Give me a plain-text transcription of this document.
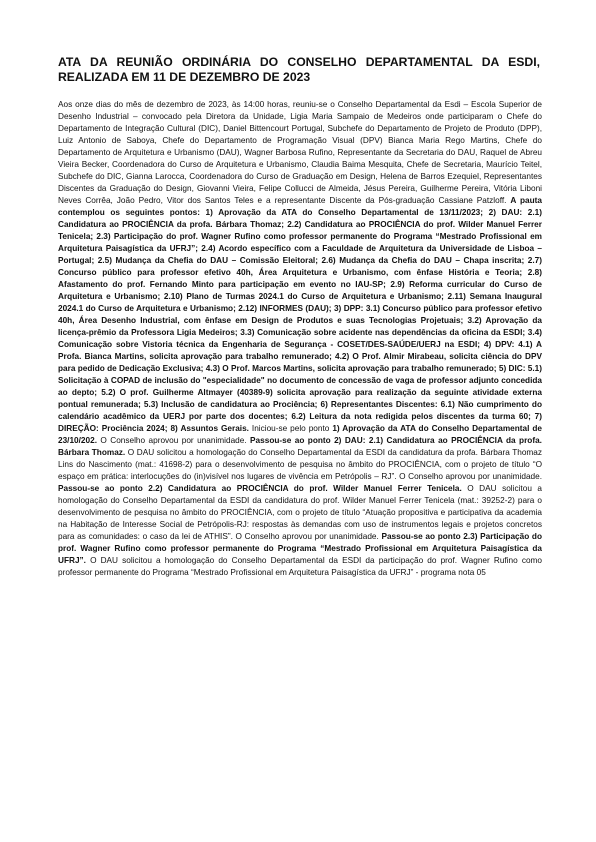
ATA DA REUNIÃO ORDINÁRIA DO CONSELHO DEPARTAMENTAL DA ESDI, REALIZADA EM 11 DE DEZEMBRO DE 2023

Aos onze dias do mês de dezembro de 2023, às 14:00 horas, reuniu-se o Conselho Departamental da Esdi – Escola Superior de Desenho Industrial – convocado pela Diretora da Unidade, Ligia Maria Sampaio de Medeiros onde participaram o Chefe do Departamento de Integração Cultural (DIC), Daniel Bittencourt Portugal, Subchefe do Departamento de Projeto de Produto (DPP), Luiz Antonio de Saboya, Chefe do Departamento de Programação Visual (DPV) Bianca Maria Rego Martins, Chefe do Departamento de Arquitetura e Urbanismo (DAU), Wagner Barbosa Rufino, Representante da Secretaria do DAU, Raquel de Abreu Vieira Becker, Coordenadora do Curso de Arquitetura e Urbanismo, Claudia Baima Mesquita, Chefe de Secretaria, Maurício Teitel, Subchefe do DIC, Gianna Larocca, Coordenadora do Curso de Graduação em Design, Helena de Barros Ezequiel, Representantes Discentes da Graduação do Design, Giovanni Vieira, Felipe Collucci de Almeida, Jésus Pereira, Guilherme Pereira, Vitória Liboni Neves Corrêa, João Pedro, Vitor dos Santos Teles e a representante Discente da Pós-graduação Cassiane Patzloff. A pauta contemplou os seguintes pontos: 1) Aprovação da ATA do Conselho Departamental de 13/11/2023; 2) DAU: 2.1) Candidatura ao PROCIÊNCIA da profa. Bárbara Thomaz; 2.2) Candidatura ao PROCIÊNCIA do prof. Wilder Manuel Ferrer Tenicela; 2.3) Participação do prof. Wagner Rufino como professor permanente do Programa “Mestrado Profissional em Arquitetura Paisagística da UFRJ”; 2.4) Acordo específico com a Faculdade de Arquitetura da Universidade de Lisboa – Portugal; 2.5) Mudança da Chefia do DAU – Comissão Eleitoral; 2.6) Mudança da Chefia do DAU – Chapa inscrita; 2.7) Concurso público para professor efetivo 40h, Área Arquitetura e Urbanismo, com ênfase História e Teoria; 2.8) Afastamento do prof. Fernando Minto para participação em evento no IAU-SP; 2.9) Reforma curricular do Curso de Arquitetura e Urbanismo; 2.10) Plano de Turmas 2024.1 do Curso de Arquitetura e Urbanismo; 2.11) Semana Inaugural 2024.1 do Curso de Arquitetura e Urbanismo; 2.12) INFORMES (DAU); 3) DPP: 3.1) Concurso público para professor efetivo 40h, Área Desenho Industrial, com ênfase em Design de Produtos e suas Tecnologias Projetuais; 3.2) Aprovação da licença-prêmio da Professora Ligia Medeiros; 3.3) Comunicação sobre acidente nas dependências da oficina da ESDI; 3.4) Comunicação sobre Vistoria técnica da Engenharia de Segurança - COSET/DES-SAÚDE/UERJ na ESDI; 4) DPV: 4.1) A Profa. Bianca Martins, solicita aprovação para trabalho remunerado; 4.2) O Prof. Almir Mirabeau, solicita ciência do DPV para pedido de Dedicação Exclusiva; 4.3) O Prof. Marcos Martins, solicita aprovação para trabalho remunerado; 5) DIC: 5.1) Solicitação à COPAD de inclusão do "especialidade" no documento de concessão de vaga de professor adjunto concedida ao depto; 5.2) O prof. Guilherme Altmayer (40389-9) solicita aprovação para realização da seguinte atividade externa pontual remunerada; 5.3) Inclusão de candidatura ao Prociência; 6) Representantes Discentes: 6.1) Não cumprimento do calendário acadêmico da UERJ por parte dos docentes; 6.2) Leitura da nota redigida pelos discentes da turma 60; 7) DIREÇÃO: Prociência 2024; 8) Assuntos Gerais. Iniciou-se pelo ponto 1) Aprovação da ATA do Conselho Departamental de 23/10/202. O Conselho aprovou por unanimidade. Passou-se ao ponto 2) DAU: 2.1) Candidatura ao PROCIÊNCIA da profa. Bárbara Thomaz. O DAU solicitou a homologação do Conselho Departamental da ESDI da candidatura da profa. Bárbara Thomaz Lins do Nascimento (mat.: 41698-2) para o desenvolvimento de pesquisa no âmbito do PROCIÊNCIA, com o projeto de título “O espaço em prática: interlocuções do (in)visível nos lugares de vivência em Petrópolis – RJ”. O Conselho aprovou por unanimidade. Passou-se ao ponto 2.2) Candidatura ao PROCIÊNCIA do prof. Wilder Manuel Ferrer Tenicela. O DAU solicitou a homologação do Conselho Departamental da ESDI da candidatura do prof. Wilder Manuel Ferrer Tenicela (mat.: 39252-2) para o desenvolvimento de pesquisa no âmbito do PROCIÊNCIA, com o projeto de título “Atuação propositiva e participativa da academia na Habitação de Interesse Social de Petrópolis-RJ: respostas às demandas com uso de instrumentos legais e projetos concretos para as comunidades: o caso da lei de ATHIS”. O Conselho aprovou por unanimidade. Passou-se ao ponto 2.3) Participação do prof. Wagner Rufino como professor permanente do Programa “Mestrado Profissional em Arquitetura Paisagística da UFRJ”. O DAU solicitou a homologação do Conselho Departamental da ESDI da participação do prof. Wagner Rufino como professor permanente do Programa “Mestrado Profissional em Arquitetura Paisagística da UFRJ” - programa nota 05
